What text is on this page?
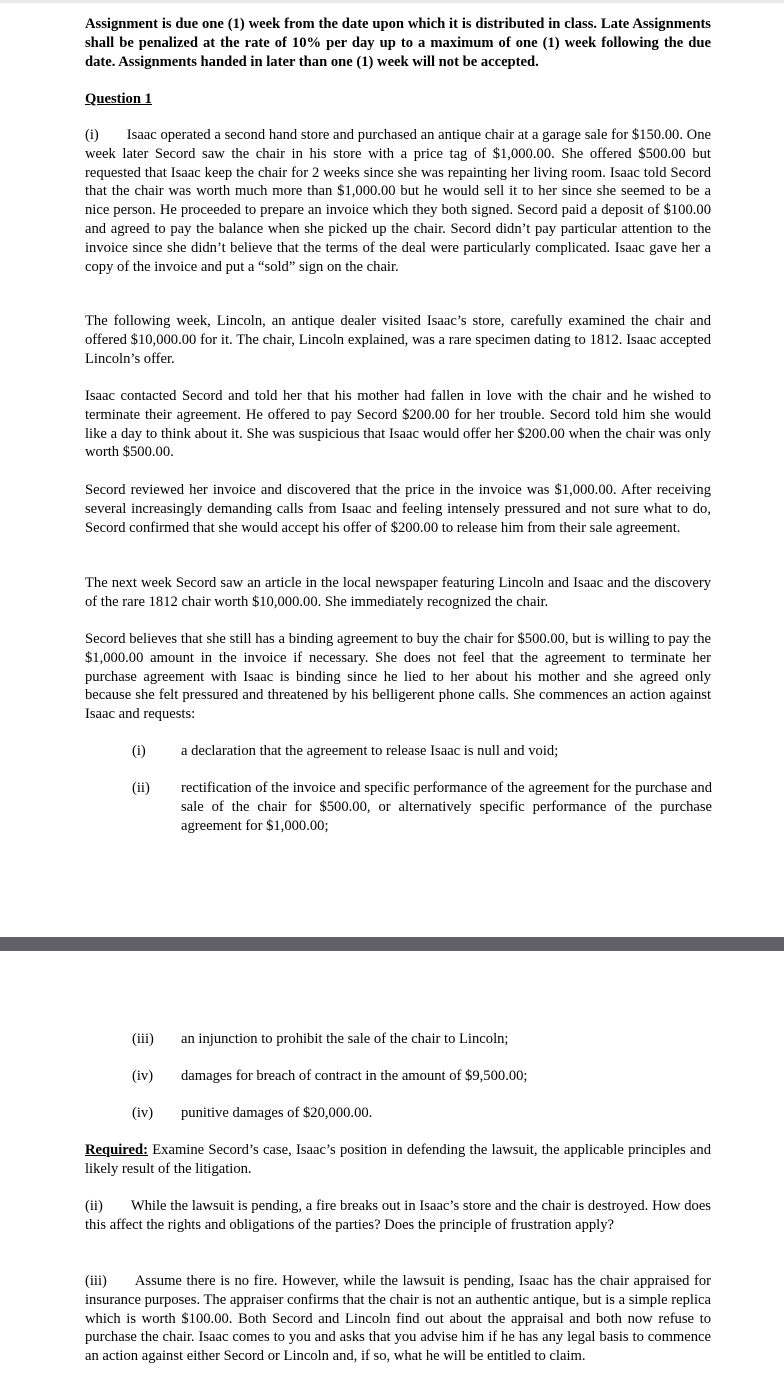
Assignment is due one (1) week from the date upon which it is distributed in class. Late Assignments shall be penalized at the rate of 10% per day up to a maximum of one (1) week following the due date. Assignments handed in later than one (1) week will not be accepted.

Question 1

(i) Isaac operated a second hand store and purchased an antique chair at a garage sale for $150.00. One week later Secord saw the chair in his store with a price tag of $1,000.00. She offered $500.00 but requested that Isaac keep the chair for 2 weeks since she was repainting her living room. Isaac told Secord that the chair was worth much more than $1,000.00 but he would sell it to her since she seemed to be a nice person. He proceeded to prepare an invoice which they both signed. Secord paid a deposit of $100.00 and agreed to pay the balance when she picked up the chair. Secord didn’t pay particular attention to the invoice since she didn’t believe that the terms of the deal were particularly complicated. Isaac gave her a copy of the invoice and put a “sold” sign on the chair.

The following week, Lincoln, an antique dealer visited Isaac’s store, carefully examined the chair and offered $10,000.00 for it. The chair, Lincoln explained, was a rare specimen dating to 1812. Isaac accepted Lincoln’s offer.

Isaac contacted Secord and told her that his mother had fallen in love with the chair and he wished to terminate their agreement. He offered to pay Secord $200.00 for her trouble. Secord told him she would like a day to think about it. She was suspicious that Isaac would offer her $200.00 when the chair was only worth $500.00.

Secord reviewed her invoice and discovered that the price in the invoice was $1,000.00. After receiving several increasingly demanding calls from Isaac and feeling intensely pressured and not sure what to do, Secord confirmed that she would accept his offer of $200.00 to release him from their sale agreement.

The next week Secord saw an article in the local newspaper featuring Lincoln and Isaac and the discovery of the rare 1812 chair worth $10,000.00. She immediately recognized the chair.

Secord believes that she still has a binding agreement to buy the chair for $500.00, but is willing to pay the $1,000.00 amount in the invoice if necessary. She does not feel that the agreement to terminate her purchase agreement with Isaac is binding since he lied to her about his mother and she agreed only because she felt pressured and threatened by his belligerent phone calls. She commences an action against Isaac and requests:

(i) a declaration that the agreement to release Isaac is null and void;
(ii) rectification of the invoice and specific performance of the agreement for the purchase and sale of the chair for $500.00, or alternatively specific performance of the purchase agreement for $1,000.00;
(iii) an injunction to prohibit the sale of the chair to Lincoln;
(iv) damages for breach of contract in the amount of $9,500.00;
(iv) punitive damages of $20,000.00.

Required: Examine Secord’s case, Isaac’s position in defending the lawsuit, the applicable principles and likely result of the litigation.

(ii) While the lawsuit is pending, a fire breaks out in Isaac’s store and the chair is destroyed. How does this affect the rights and obligations of the parties? Does the principle of frustration apply?

(iii) Assume there is no fire. However, while the lawsuit is pending, Isaac has the chair appraised for insurance purposes. The appraiser confirms that the chair is not an authentic antique, but is a simple replica which is worth $100.00. Both Secord and Lincoln find out about the appraisal and both now refuse to purchase the chair. Isaac comes to you and asks that you advise him if he has any legal basis to commence an action against either Secord or Lincoln and, if so, what he will be entitled to claim.
